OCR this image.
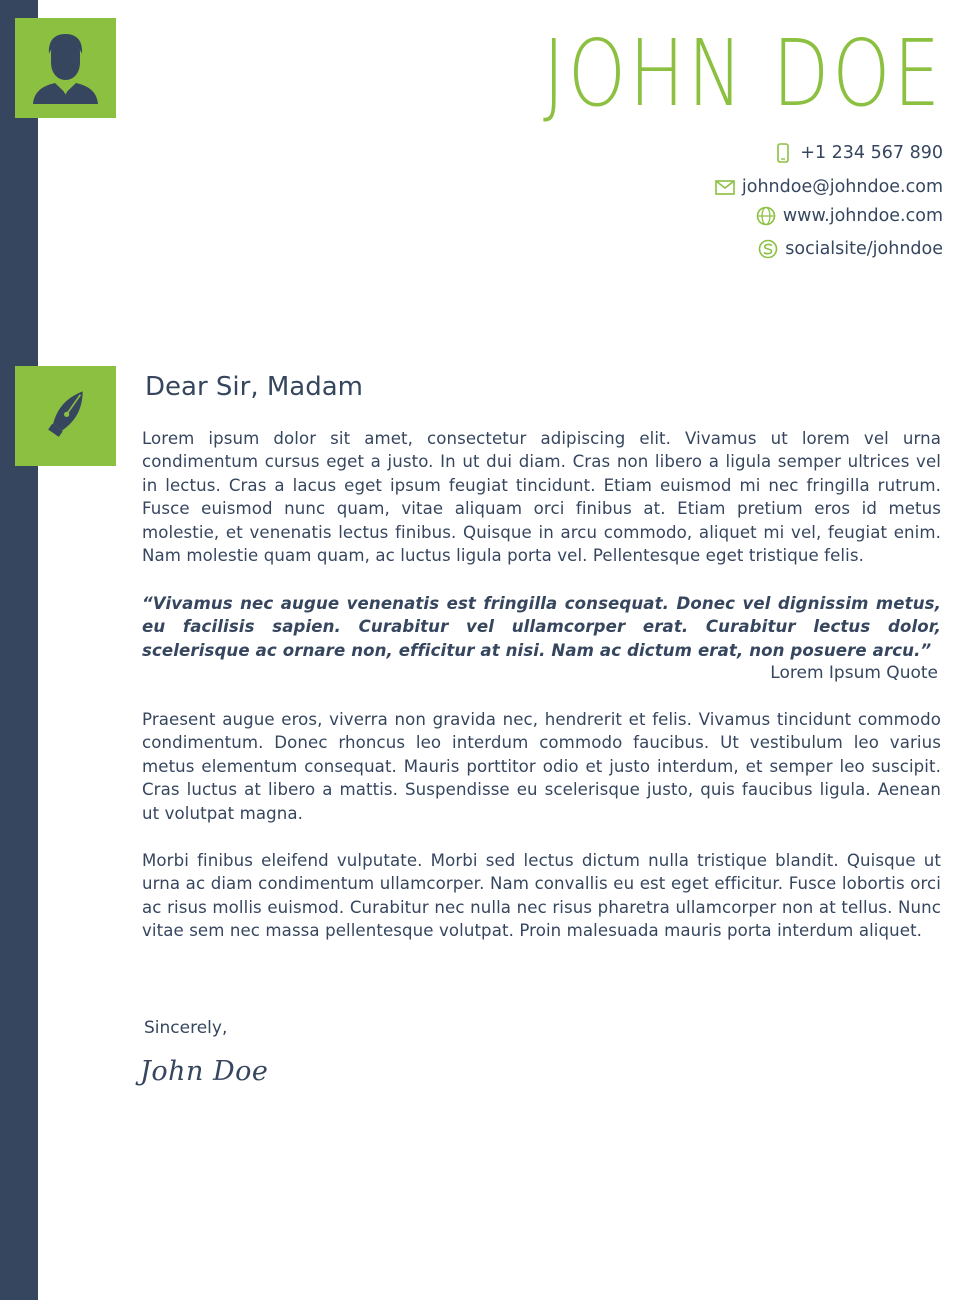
JOHN DOE
+1 234 567 890
johndoe@johndoe.com
www.johndoe.com
socialsite/johndoe
Dear Sir, Madam

Lorem ipsum dolor sit amet, consectetur adipiscing elit. Vivamus ut lorem vel urna condimentum cursus eget a justo. In ut dui diam. Cras non libero a ligula semper ultrices vel in lectus. Cras a lacus eget ipsum feugiat tincidunt. Etiam euismod mi nec fringilla rutrum. Fusce euismod nunc quam, vitae aliquam orci finibus at. Etiam pretium eros id metus molestie, et venenatis lectus finibus. Quisque in arcu commodo, aliquet mi vel, feugiat enim. Nam molestie quam quam, ac luctus ligula porta vel. Pellentesque eget tristique felis.

“Vivamus nec augue venenatis est fringilla consequat. Donec vel dignissim metus, eu facilisis sapien. Curabitur vel ullamcorper erat. Curabitur lectus dolor, scelerisque ac ornare non, efficitur at nisi. Nam ac dictum erat, non posuere arcu.”

Lorem Ipsum Quote

Praesent augue eros, viverra non gravida nec, hendrerit et felis. Vivamus tincidunt commodo condimentum. Donec rhoncus leo interdum commodo faucibus. Ut vestibulum leo varius metus elementum consequat. Mauris porttitor odio et justo interdum, et semper leo suscipit. Cras luctus at libero a mattis. Suspendisse eu scelerisque justo, quis faucibus ligula. Aenean ut volutpat magna.

Morbi finibus eleifend vulputate. Morbi sed lectus dictum nulla tristique blandit. Quisque ut urna ac diam condimentum ullamcorper. Nam convallis eu est eget efficitur. Fusce lobortis orci ac risus mollis euismod. Curabitur nec nulla nec risus pharetra ullamcorper non at tellus. Nunc vitae sem nec massa pellentesque volutpat. Proin malesuada mauris porta interdum aliquet.

Sincerely,
John Doe
